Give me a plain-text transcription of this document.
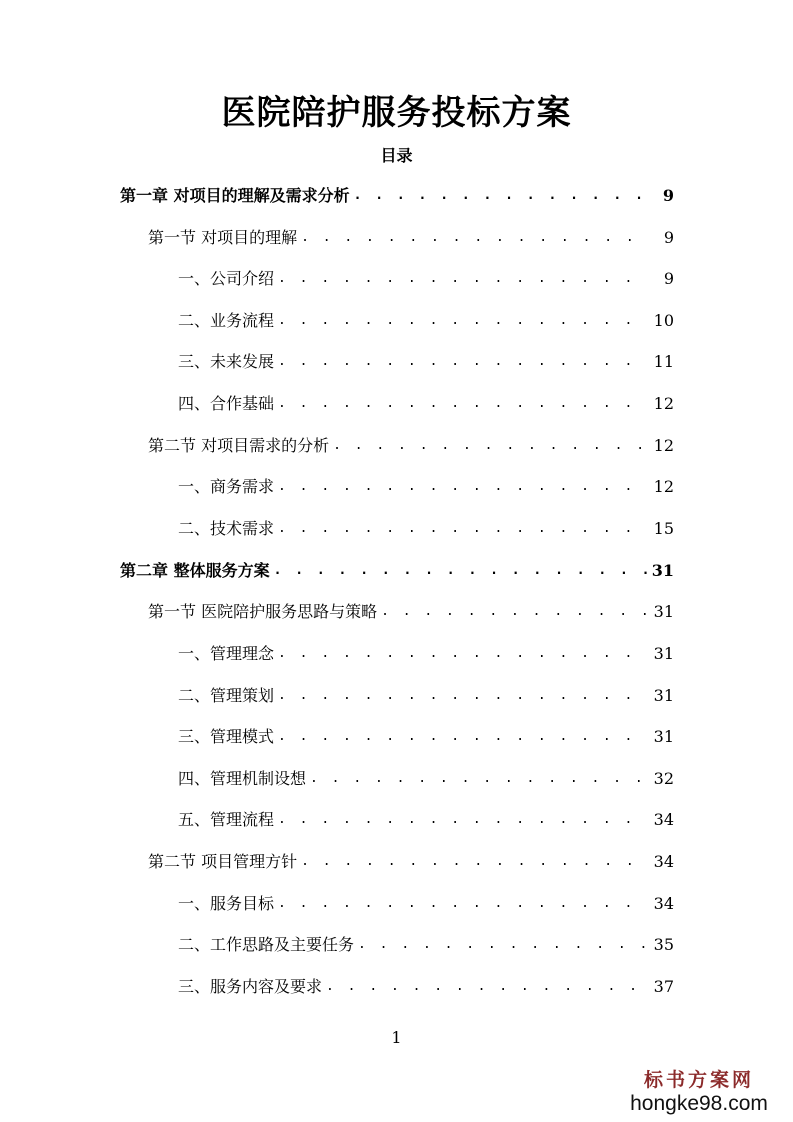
医院陪护服务投标方案
目录
第一章 对项目的理解及需求分析 . . .	9
第一节 对项目的理解 . . .	9
一、公司介绍 . . .	9
二、业务流程 . . .	10
三、未来发展 . . .	11
四、合作基础 . . .	12
第二节 对项目需求的分析 . . .	12
一、商务需求 . . .	12
二、技术需求 . . .	15
第二章 整体服务方案 . . .	31
第一节 医院陪护服务思路与策略 . . .	31
一、管理理念 . . .	31
二、管理策划 . . .	31
三、管理模式 . . .	31
四、管理机制设想 . . .	32
五、管理流程 . . .	34
第二节 项目管理方针 . . .	34
一、服务目标 . . .	34
二、工作思路及主要任务 . . .	35
三、服务内容及要求 . . .	37
1
标书方案网
hongke98.com
